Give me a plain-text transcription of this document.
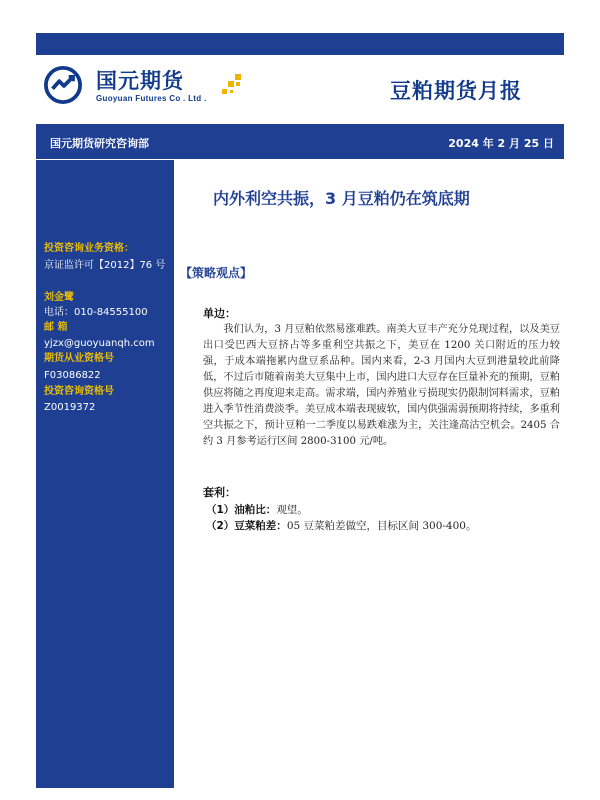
国元期货
Guoyuan Futures Co . Ltd .	豆粕期货月报
国元期货研究咨询部	2024 年 2 月 25 日
投资咨询业务资格：
京证监许可【2012】76 号
刘金鹭
电话：010-84555100
邮 箱
yjzx@guoyuanqh.com
期货从业资格号
F03086822
投资咨询资格号
Z0019372
内外利空共振，3 月豆粕仍在筑底期
【策略观点】
单边：
我们认为，3 月豆粕依然易涨难跌。南美大豆丰产充分兑现过程，以及美豆出口受巴西大豆挤占等多重利空共振之下，美豆在 1200 关口附近的压力较强，于成本端拖累内盘豆系品种。国内来看，2-3 月国内大豆到港量较此前降低，不过后市随着南美大豆集中上市，国内进口大豆存在巨量补充的预期，豆粕供应将随之再度迎来走高。需求端，国内养殖业亏损现实仍限制饲料需求，豆粕进入季节性消费淡季。美豆成本端表现疲软，国内供强需弱预期将持续，多重利空共振之下，预计豆粕一二季度以易跌难涨为主，关注逢高沽空机会。2405 合约 3 月参考运行区间 2800-3100 元/吨。
套利：
（1）油粕比：观望。
（2）豆菜粕差：05 豆菜粕差做空，目标区间 300-400。
